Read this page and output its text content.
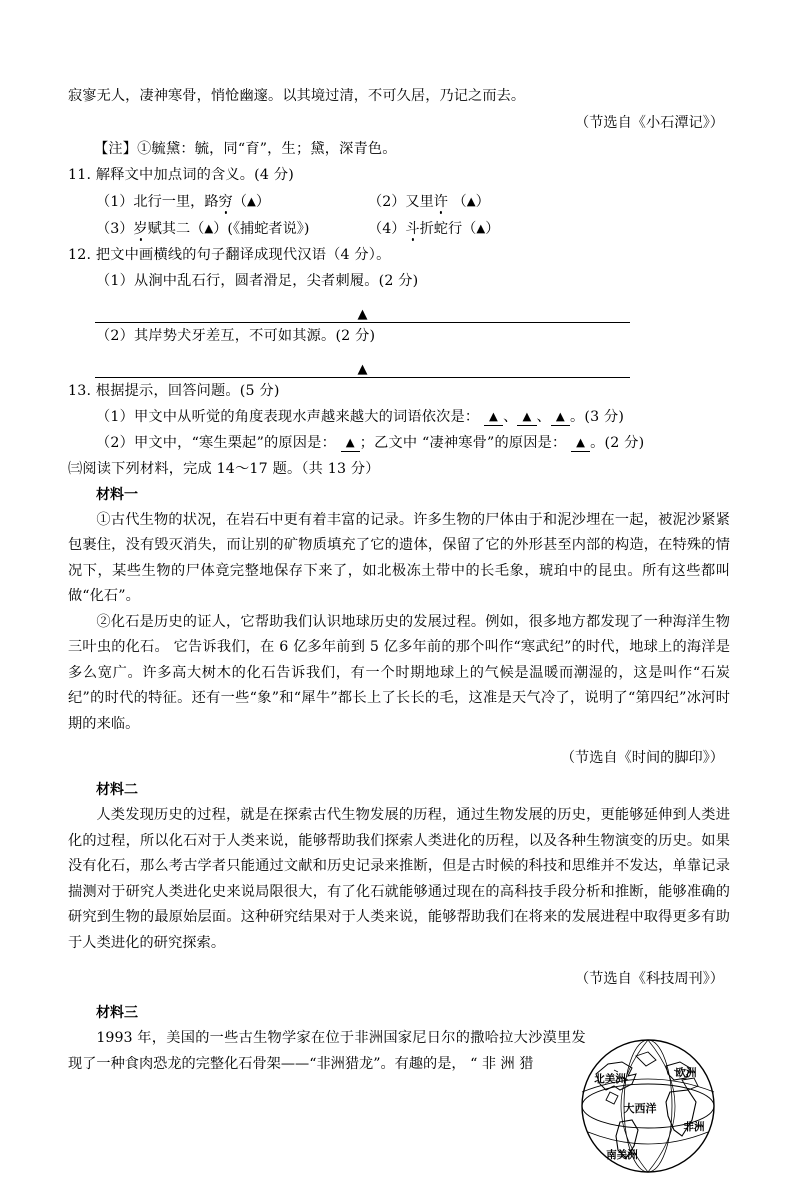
寂寥无人，凄神寒骨，悄怆幽邃。以其境过清，不可久居，乃记之而去。
（节选自《小石潭记》）
【注】①毓黛：毓，同“育”，生；黛，深青色。
11. 解释文中加点词的含义。(4 分)
（1）北行一里，路穷（▲）	（2）又里许 （▲）
（3）岁赋其二（▲）(《捕蛇者说》)	（4）斗折蛇行（▲）
12. 把文中画横线的句子翻译成现代汉语（4 分）。
（1）从涧中乱石行，圆者滑足，尖者刺履。(2 分)
▲
（2）其岸势犬牙差互，不可如其源。(2 分)
▲
13. 根据提示，回答问题。(5 分)
（1）甲文中从听觉的角度表现水声越来越大的词语依次是： ▲ 、 ▲ 、 ▲ 。(3 分)
（2）甲文中，“寒生栗起”的原因是： ▲ ；乙文中 “凄神寒骨”的原因是： ▲ 。(2 分)
㈢阅读下列材料，完成 14～17 题。（共 13 分）
材料一

①古代生物的状况，在岩石中更有着丰富的记录。许多生物的尸体由于和泥沙埋在一起，被泥沙紧紧包裹住，没有毁灭消失，而让别的矿物质填充了它的遗体，保留了它的外形甚至内部的构造，在特殊的情况下，某些生物的尸体竟完整地保存下来了，如北极冻土带中的长毛象，琥珀中的昆虫。所有这些都叫做“化石”。

②化石是历史的证人，它帮助我们认识地球历史的发展过程。例如，很多地方都发现了一种海洋生物三叶虫的化石。 它告诉我们，在 6 亿多年前到 5 亿多年前的那个叫作“寒武纪”的时代，地球上的海洋是多么宽广。许多高大树木的化石告诉我们，有一个时期地球上的气候是温暖而潮湿的，这是叫作“石炭纪”的时代的特征。还有一些“象”和“犀牛”都长上了长长的毛，这准是天气冷了，说明了“第四纪”冰河时期的来临。

（节选自《时间的脚印》）
材料二

人类发现历史的过程，就是在探索古代生物发展的历程，通过生物发展的历史，更能够延伸到人类进化的过程，所以化石对于人类来说，能够帮助我们探索人类进化的历程，以及各种生物演变的历史。如果没有化石，那么考古学者只能通过文献和历史记录来推断，但是古时候的科技和思维并不发达，单靠记录揣测对于研究人类进化史来说局限很大，有了化石就能够通过现在的高科技手段分析和推断，能够准确的研究到生物的最原始层面。这种研究结果对于人类来说，能够帮助我们在将来的发展进程中取得更多有助于人类进化的研究探索。

（节选自《科技周刊》）
材料三
北美洲	欧洲
大西洋
非洲
南美洲
1993 年，美国的一些古生物学家在位于非洲国家尼日尔的撒哈拉大沙漠里发现了一种食肉恐龙的完整化石骨架——“非洲猎龙”。有趣的是， “ 非 洲 猎
